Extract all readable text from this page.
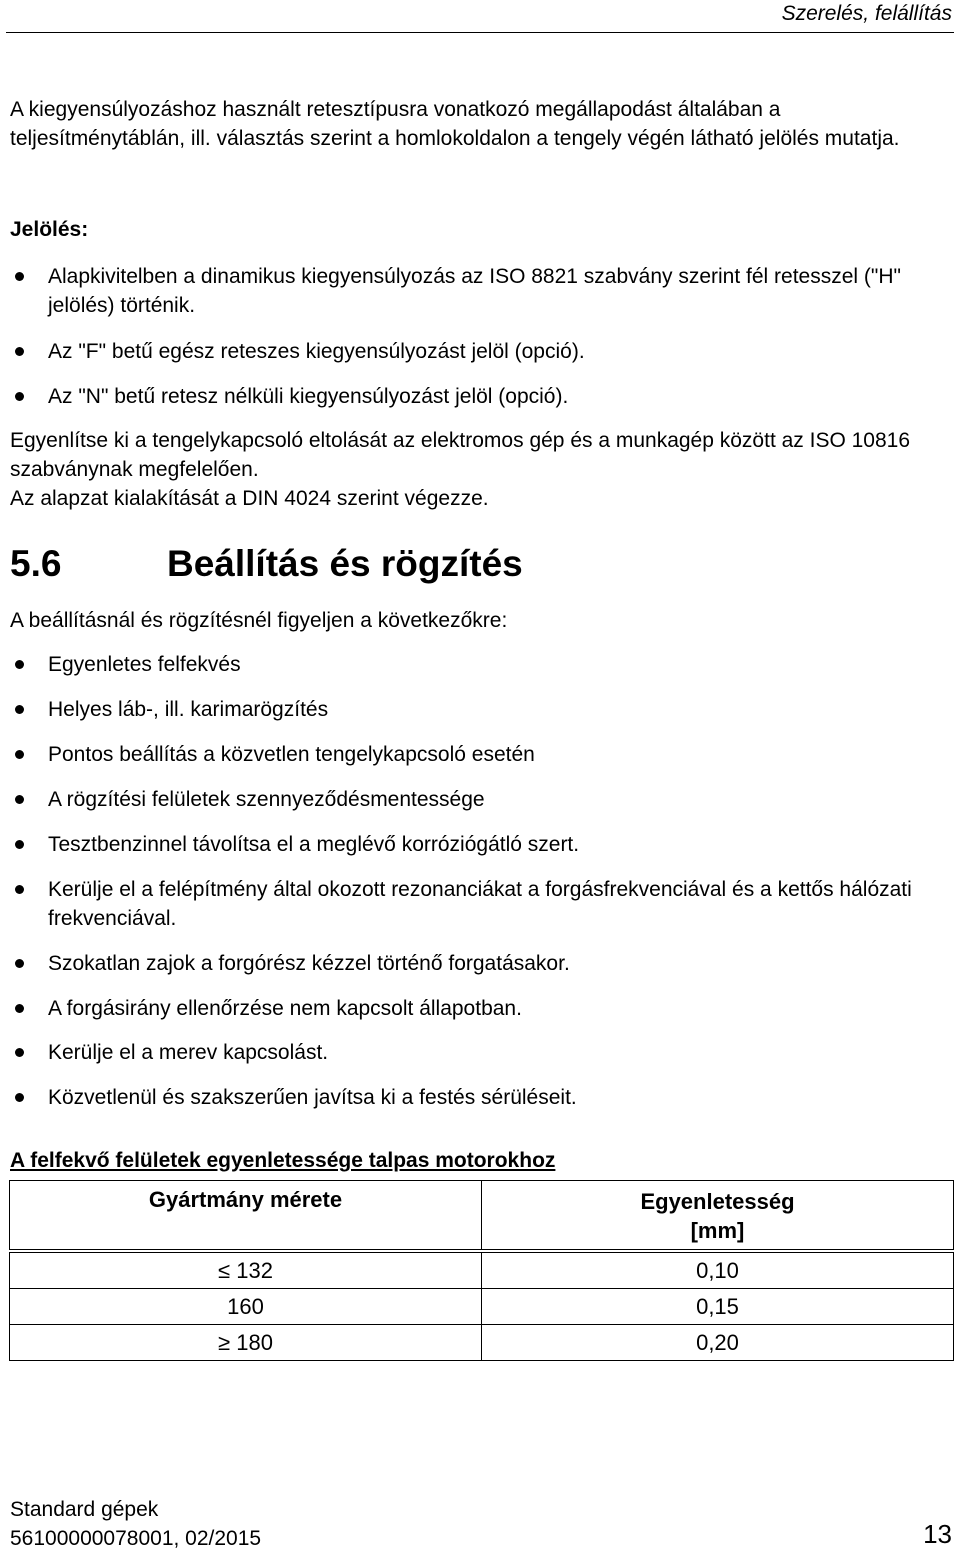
Szerelés, felállítás
A kiegyensúlyozáshoz használt retesztípusra vonatkozó megállapodást általában a teljesítménytáblán, ill. választás szerint a homlokoldalon a tengely végén látható jelölés mutatja.
Jelölés:
Alapkivitelben a dinamikus kiegyensúlyozás az ISO 8821 szabvány szerint fél retesszel ("H" jelölés) történik.
Az "F" betű egész reteszes kiegyensúlyozást jelöl (opció).
Az "N" betű retesz nélküli kiegyensúlyozást jelöl (opció).
Egyenlítse ki a tengelykapcsoló eltolását az elektromos gép és a munkagép között az ISO 10816 szabványnak megfelelően.
Az alapzat kialakítását a DIN 4024 szerint végezze.
5.6	Beállítás és rögzítés
A beállításnál és rögzítésnél figyeljen a következőkre:
Egyenletes felfekvés
Helyes láb-, ill. karimarögzítés
Pontos beállítás a közvetlen tengelykapcsoló esetén
A rögzítési felületek szennyeződésmentessége
Tesztbenzinnel távolítsa el a meglévő korróziógátló szert.
Kerülje el a felépítmény által okozott rezonanciákat a forgásfrekvenciával és a kettős hálózati frekvenciával.
Szokatlan zajok a forgórész kézzel történő forgatásakor.
A forgásirány ellenőrzése nem kapcsolt állapotban.
Kerülje el a merev kapcsolást.
Közvetlenül és szakszerűen javítsa ki a festés sérüléseit.
A felfekvő felületek egyenletessége talpas motorokhoz
Gyártmány mérete	Egyenletesség [mm]

≤ 132	0,10
160	0,15
≥ 180	0,20
Standard gépek
56100000078001, 02/2015	13
